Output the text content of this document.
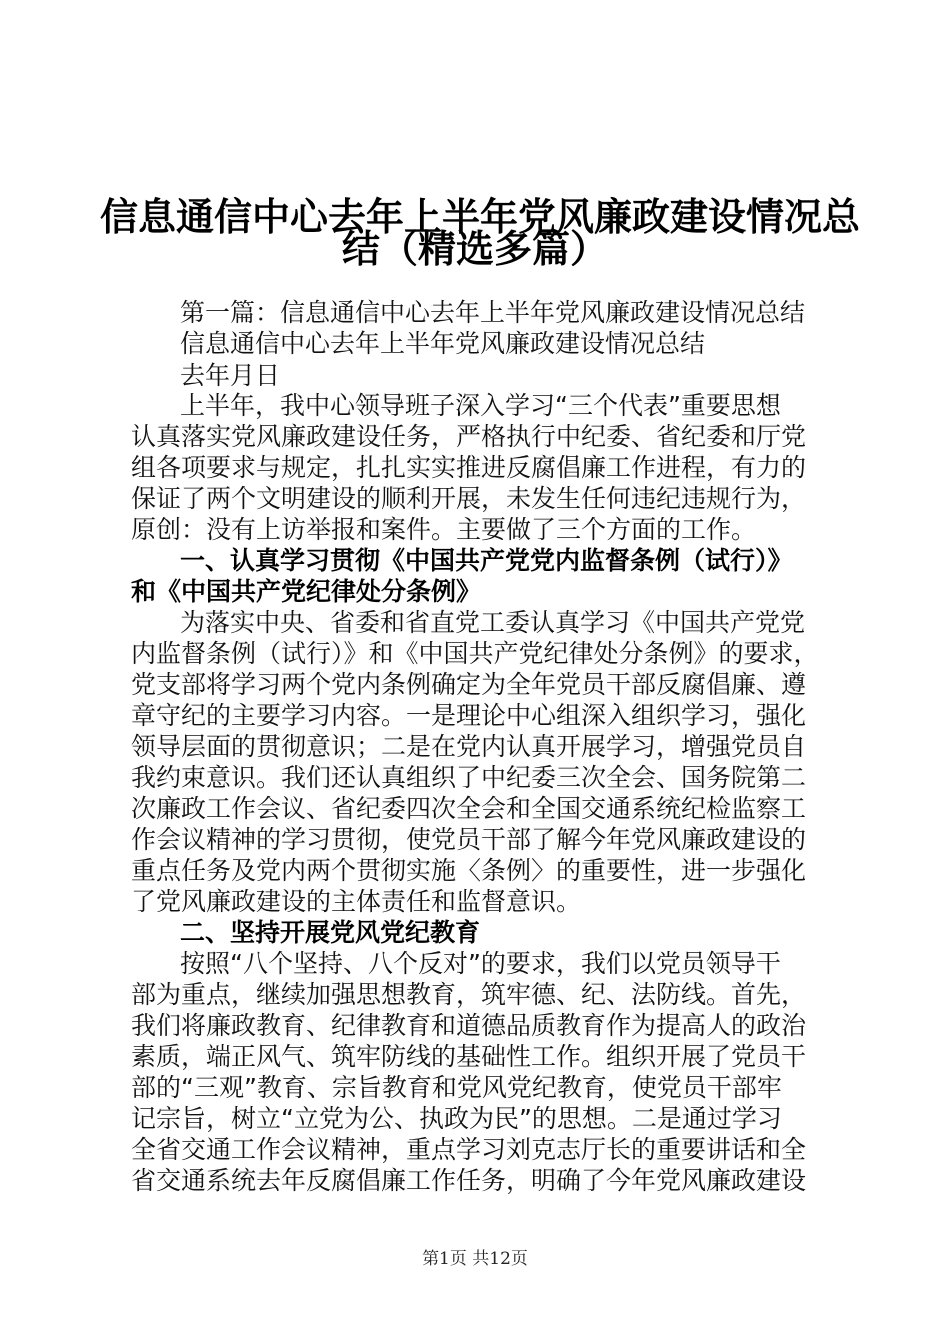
信息通信中心去年上半年党风廉政建设情况总
结（精选多篇）
第一篇：信息通信中心去年上半年党风廉政建设情况总结
信息通信中心去年上半年党风廉政建设情况总结
去年月日
上半年，我中心领导班子深入学习“三个代表”重要思想
认真落实党风廉政建设任务，严格执行中纪委、省纪委和厅党
组各项要求与规定，扎扎实实推进反腐倡廉工作进程，有力的
保证了两个文明建设的顺利开展，未发生任何违纪违规行为，
原创：没有上访举报和案件。主要做了三个方面的工作。
一、认真学习贯彻《中国共产党党内监督条例（试行）》
和《中国共产党纪律处分条例》
为落实中央、省委和省直党工委认真学习《中国共产党党
内监督条例（试行）》和《中国共产党纪律处分条例》的要求，
党支部将学习两个党内条例确定为全年党员干部反腐倡廉、遵
章守纪的主要学习内容。一是理论中心组深入组织学习，强化
领导层面的贯彻意识；二是在党内认真开展学习，增强党员自
我约束意识。我们还认真组织了中纪委三次全会、国务院第二
次廉政工作会议、省纪委四次全会和全国交通系统纪检监察工
作会议精神的学习贯彻，使党员干部了解今年党风廉政建设的
重点任务及党内两个贯彻实施〈条例〉的重要性，进一步强化
了党风廉政建设的主体责任和监督意识。
二、坚持开展党风党纪教育
按照“八个坚持、八个反对”的要求，我们以党员领导干
部为重点，继续加强思想教育，筑牢德、纪、法防线。首先，
我们将廉政教育、纪律教育和道德品质教育作为提高人的政治
素质，端正风气、筑牢防线的基础性工作。组织开展了党员干
部的“三观”教育、宗旨教育和党风党纪教育，使党员干部牢
记宗旨，树立“立党为公、执政为民”的思想。二是通过学习
全省交通工作会议精神，重点学习刘克志厅长的重要讲话和全
省交通系统去年反腐倡廉工作任务，明确了今年党风廉政建设
第1页 共12页
